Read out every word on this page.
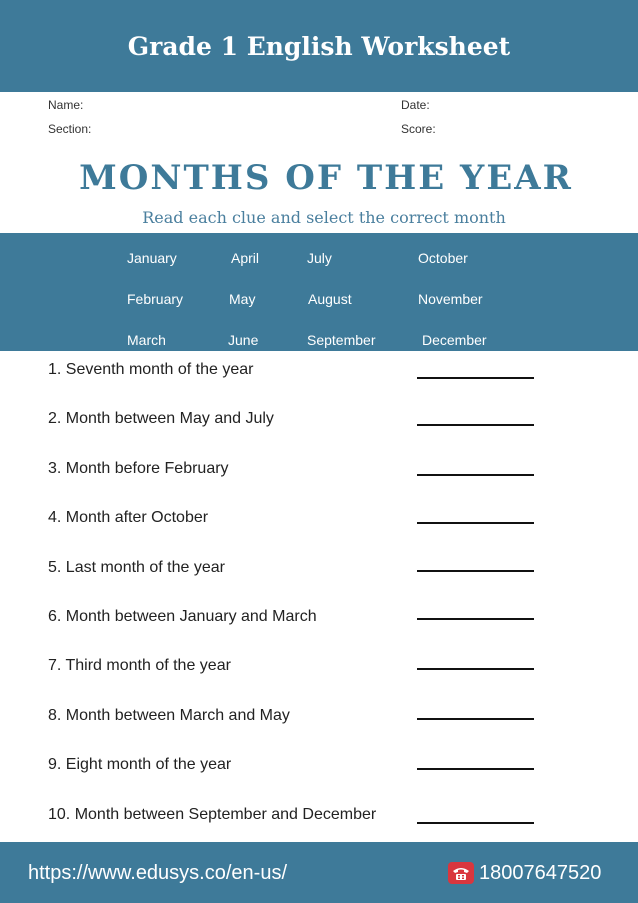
Grade 1 English Worksheet
Name:
Section:
Date:
Score:
MONTHS OF THE YEAR
Read each clue and select the correct month
January	April	July	October
February	May	August	November
March	June	September	December
1. Seventh month of the year
2. Month between May and July
3. Month before February
4. Month after October
5. Last month of the year
6. Month between January and March
7. Third month of the year
8. Month between March and May
9. Eight month of the year
10. Month between September and December
https://www.edusys.co/en-us/	18007647520
